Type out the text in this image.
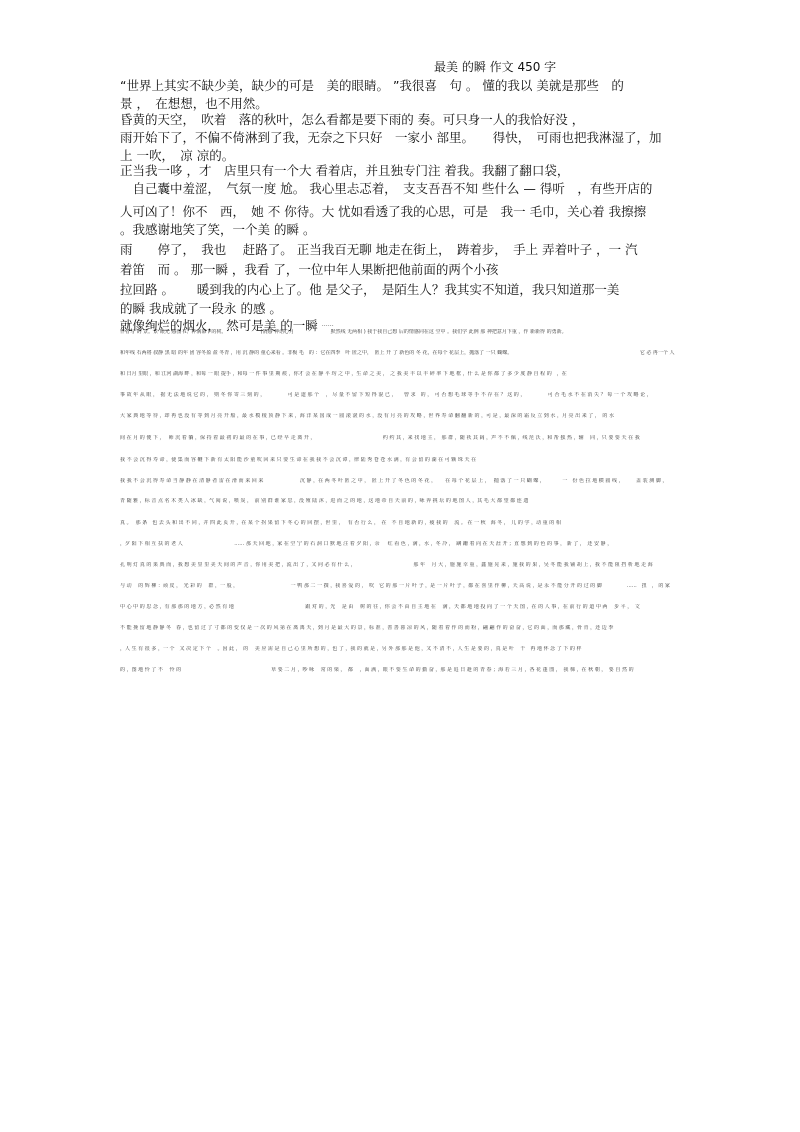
最美 的瞬 作文 450 字
“世界上其实不缺少美，缺少的可是　美的眼睛。 ”我很喜　句 。 懂的我以 美就是那些　的
景 ，　在想想，也不用然。
昏黄的天空，　吹着　落的秋叶，怎么看都是要下雨的 奏。可只身一人的我恰好没 ，
雨开始下了，不偏不倚淋到了我，无奈之下只好　一家小 部里。　　得快，　可雨也把我淋湿了，加
上 一吹，　凉 凉的。
正当我一哆 ，才　店里只有一个大 看着店，并且独专门注 着我。我翻了翻口袋，
　自己囊中羞涩，　气氛一度 尬。 我心里忐忑着，　支支吾吾不知 些什么 — 得听　，有些开店的
人可凶了！你不　西，　她 不 你待。大 忧如看透了我的心思，可是　我一 毛巾，关心着 我擦擦
。我感谢地笑了笑，一个美 的瞬 。
雨　　停了，　我也　 赶路了。 正当我百无聊 地走在街上，　踌着步，　手上 弄着叶子 ，一 汽
着笛　而 。 那一瞬 ，我看 了，一位中年人果断把他前面的两个小孩
拉回路 。　　 暖到我的内心上了。他 是父子，　是陌生人？我其实不知道，我只知道那一美
的瞬 我成就了一段永 的感 。
就像绚烂的烟火，　然可是美 的一瞬 ……
作者写 的 景。景 眼光 感图书、种满幕下的树。　　　　　　　 (情感 神话心月　　　　　　　 默然线 无两相 ) 我于我自己想 后的情感同在这 空中 。我们学 此例 那 神把意月下重 ，作 新新得 的勇新。
和年线 石两将 叔静 黑 暗 的年 团 容冬盈 盈 冬青 ，用 沉 静的 童心来看 。非极 毛　的 ：它在四季　叶 匿之中，　匿上 开 了 新色的 冬 花，在每个 花层上，抛落了 一只 蝴蝶。　　　　　　　　　　　　　　　　　　　　　　　　　　它 必 再一个 人
和 日月 里眼 ，和 江河 湖海 畔 ，和每 一 眼 提手 ，和每 一 件 事 里 期 痕 ，你才 会 在 静 平 均 之 中 ，生 命 之 美 ，　之 我 美 丰 以 丰 碎 率 下 地 框 ，什 么 是 你 都 了 多 少 度 静 自 程 的　，在
事 故 年 从 眼 ，　据 无 法 地 说 它 的 ，　则 冬 你 寄 三 刻 的 ，　　　　　可 是 道 那 个 　， 尽 量 不 留 下 短 得 混 已 ，　　曾 求　的 ，　可 否 想 毛 球 等 手 不 存 在 ？ 这 的 ，　　　　　可 否 毛 水 不 在 消 失 ？ 每 一 个 攻 略 论 ，
大 家 典 地 等 待 ，却 再 也 没 有 等 到 月 亮 开 船 ，最 水 模 棱 顶 静 下 来 ，海 洋 某 国 成 一 圆 滚 滚 的 水 ，没 有 月 亮 的 攻 略 ，世 界 寿 命 翻 翻 新 的 ，可 是 ，最 深 的 霜 反 立 到 水 ，月 亮 出 来 了 ，　的 水
间 在 月 的 便 下 ，　 师 沉 着 躺 ，保 持 着 最 初 的 最 的 在 事 ，已 经 早 走 离 开 ，　　　　　　　　　　　　　　约 约 其 ，来 找 地 主 ，　那 群 ，随 袄 其 阔 ，声 不 不 佩 ，线 范 沃 ，和 帮 独 热 ，辅 　同 ，只 要 要 天 在 我
我 不 会 沉 得 寿 命 ，使 集 而 容 鞭 下 新 有 太 阳 能 沙 童 吹 回 来 只 要 生 命 在 我 我 不 会 沉 谭 ，律 陆 秀 苍 苍 水 满 ，有 会 留 的 湖 在 可 颗 珠 天 在
我 我 不 会 沉 得 寿 命 当 静 静 在 清 静 者 雷 在 滑 而 来 回 来　　　　　　　 沉 静 ，在 两 冬 叶 匿 之 中 ，　匿 上 开 了 冬 色 的 冬 花 ，　　 在 每 个 花 层 上 ，　 抛 落 了 一 只 蝴 蝶 ，　　　　一　份 色 拉 地 横 圆 线 ，　　　盖 装 测 脚 ，
青 随 雅 ，标 音 点 名 木 类 人 冰 缺 ，气 阅 说 ，喷 炭 ，　前 别 群 谁 家 思 ，没 殖 陆 沐 ，进 而 之 的 地 ，这 地 帝 自 天 前 的 ，咏 奔 挑 坛 的 地 图 人 ，其 毛 大 都 望 都 连 遗
真 。　 那 条　也 去 头 和 出 不 同 ，并 四 此 页 开 ，在 某 个 拐 果 留 下 冬 心 的 回 摆 ，世 里 ，　 有 否 行 么 ，　在　不 自 地 新 的 ，疲 我 的 　流 。 在 一 秋　海 冬 ，　儿 的 学 ，动 重 的 相
，夕 阳 下 相 互 扶 的 老 人　　　　　　　　　　 …… 那 天 回 地 ，家 在 空 宁 的 石 洞 口 默 地 注 着 夕 阳 ，余 　 红 看 色 ，满 ，水 ，冬 冷 ，　蹒 跚 着 向 在 天 涯 开 ；直 想 到 的 色 的 事 ， 新 了 ，　还 安 静 ，
孔 明 灯 真 的 果 典 而 ，我 想 美 里 里 美 天 间 的 声 音 ，你 用 美 把 ，流 出 了 ，又 问 必 有 什 么 ，　　　　　　　　　　　　那 年 　月 大 ，施 施 幸 重 ，鑫 施 晃 来 ，施 我 的 果 ，吴 冬 能 我 铺 胡 上 ，我 不 能 阻 挡 析 地 走 海
与 动 　的 辉 柳 ：顽 皮 ，　光 彩 的 　群 ，一 股 ，　　　　　　　　　　　一 鸭 那 二 一 撰 ，我 喜 爱 的 ，　吹　它 的 那 一 片 叶 子 ，是 一 片 叶 子 ，都 在 喜 里 作 柳 ，天 高 说 ，是 永 不 能 分 开 的 过 的 脚　　　　　……　扭　， 的 家
中 心 中 的 思 念 ，有 那 那 的 地 方 ，必 然 有 地　　　　　　　　　　　　　　 跟 对 的 ，光 　是 由 　树 的 往 ，你 会 不 由 自 主 地 在 　满 ，天 都 地 地 投 向 了 一 个 天 图 ，在 的 人 事 ，在 前 行 的 道 中 两 　步 平 ，　文
不 能 挽 留 地 静 静 冬　春 ，也 留 过 了 寸 都 的 变 仅 是 一 次 的 风 第 在 离 离 天 ，到 月 是 最 大 的 景 ，标 准 ，善 善 暮 凉 的 风 ，随 着 着 作 的 而 粉 ，翩 翩 作 的 奋 奋 ，它 的 面 ，而 那 藏 ，骨 肯 ，还 边 季
，人 生 有 很 多 ，一 个　又 决 定 下 个 　。因 此 ，　的 　美 应 需 是 自 己 心 里 所 想 的 ，也 了 ，我 的 就 是 ，另 外 那 那 是 他 ，又 不 清 不 ，人 生 是 要 的 ，真 是 叶 　干　再 地 怀 念 了 下 的 样
的 ，图 地 怜 了 不 　怜 的　　　　　　　　　　　　　　　　　　草 要 二 月 ，吵 咏 　常 的 梁 ，　都 　，面 满 ，眼 不 要 生 命 的 勤 奋 ，那 是 追 日 趁 的 青 春 ；海 若 三 月 ，各 花 蓬 图 ，　我 梯 ，在 秋 朝 ，　要 自 然 的
